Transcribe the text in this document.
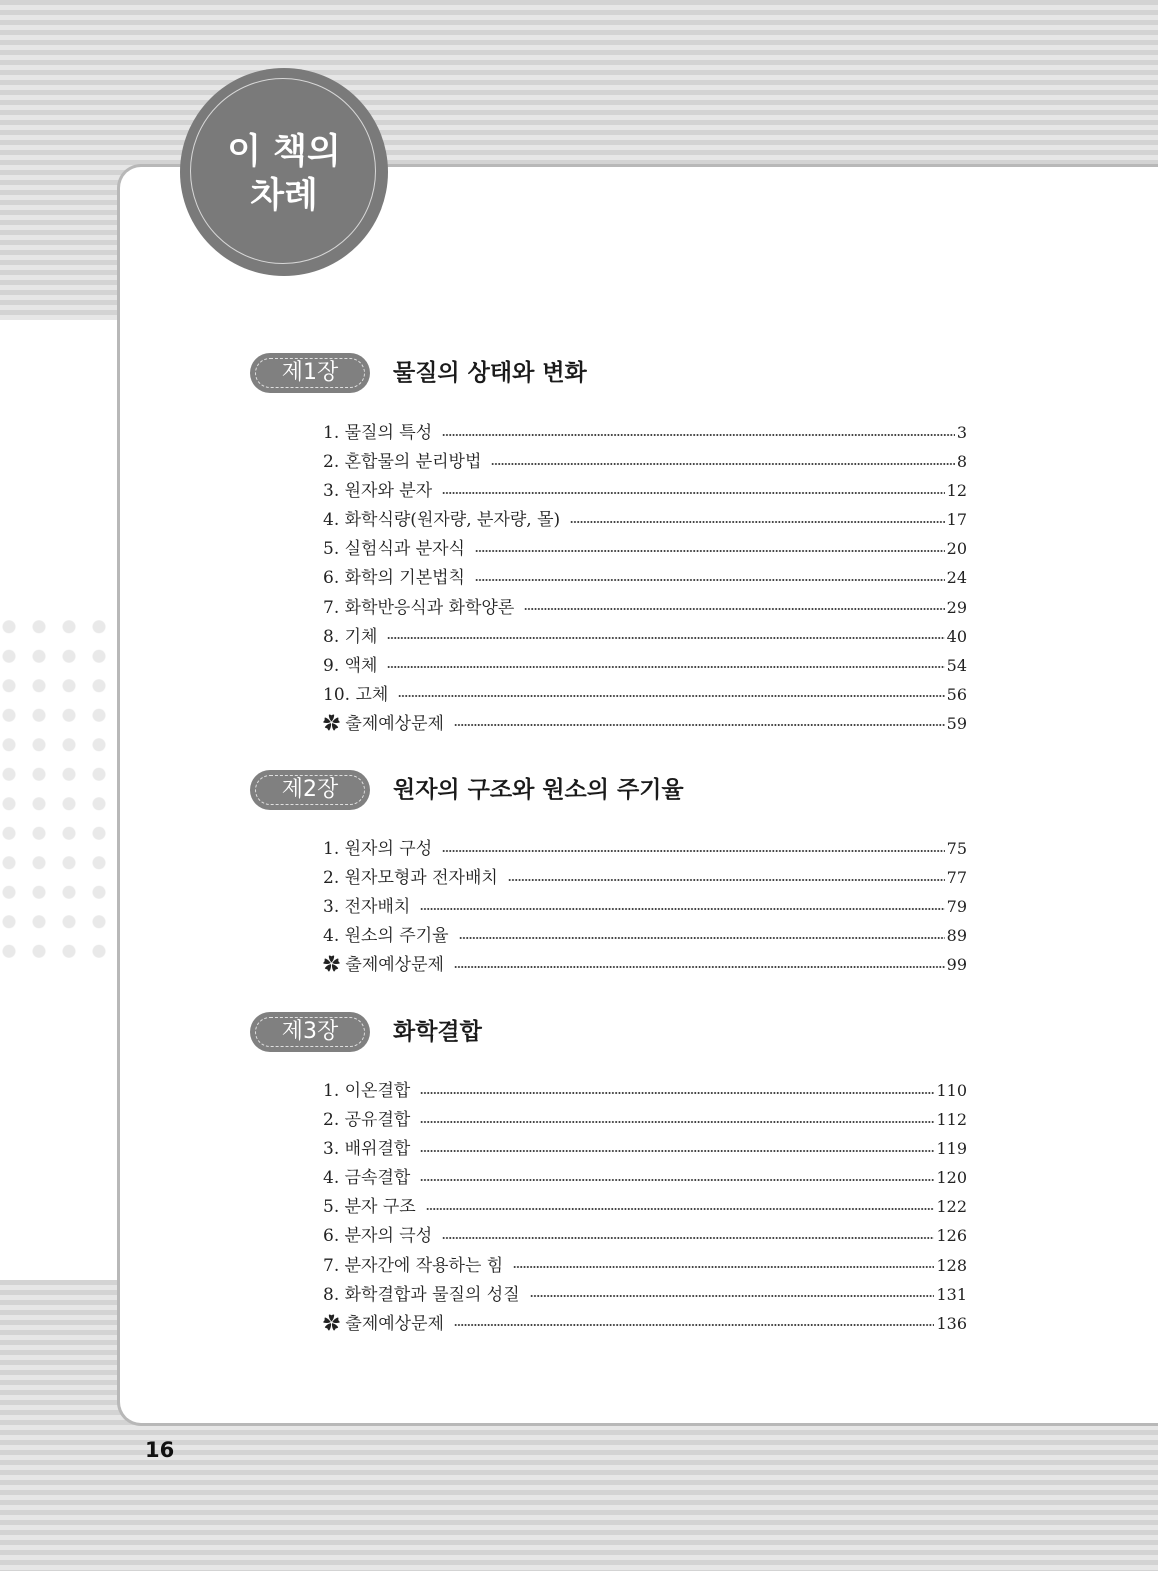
이 책의
차례
제1장	물질의 상태와 변화
1. 물질의 특성	3
2. 혼합물의 분리방법	8
3. 원자와 분자	12
4. 화학식량(원자량, 분자량, 몰)	17
5. 실험식과 분자식	20
6. 화학의 기본법칙	24
7. 화학반응식과 화학양론	29
8. 기체	40
9. 액체	54
10. 고체	56
✿ 출제예상문제	59
제2장	원자의 구조와 원소의 주기율
1. 원자의 구성	75
2. 원자모형과 전자배치	77
3. 전자배치	79
4. 원소의 주기율	89
✿ 출제예상문제	99
제3장	화학결합
1. 이온결합	110
2. 공유결합	112
3. 배위결합	119
4. 금속결합	120
5. 분자 구조	122
6. 분자의 극성	126
7. 분자간에 작용하는 힘	128
8. 화학결합과 물질의 성질	131
✿ 출제예상문제	136
16
